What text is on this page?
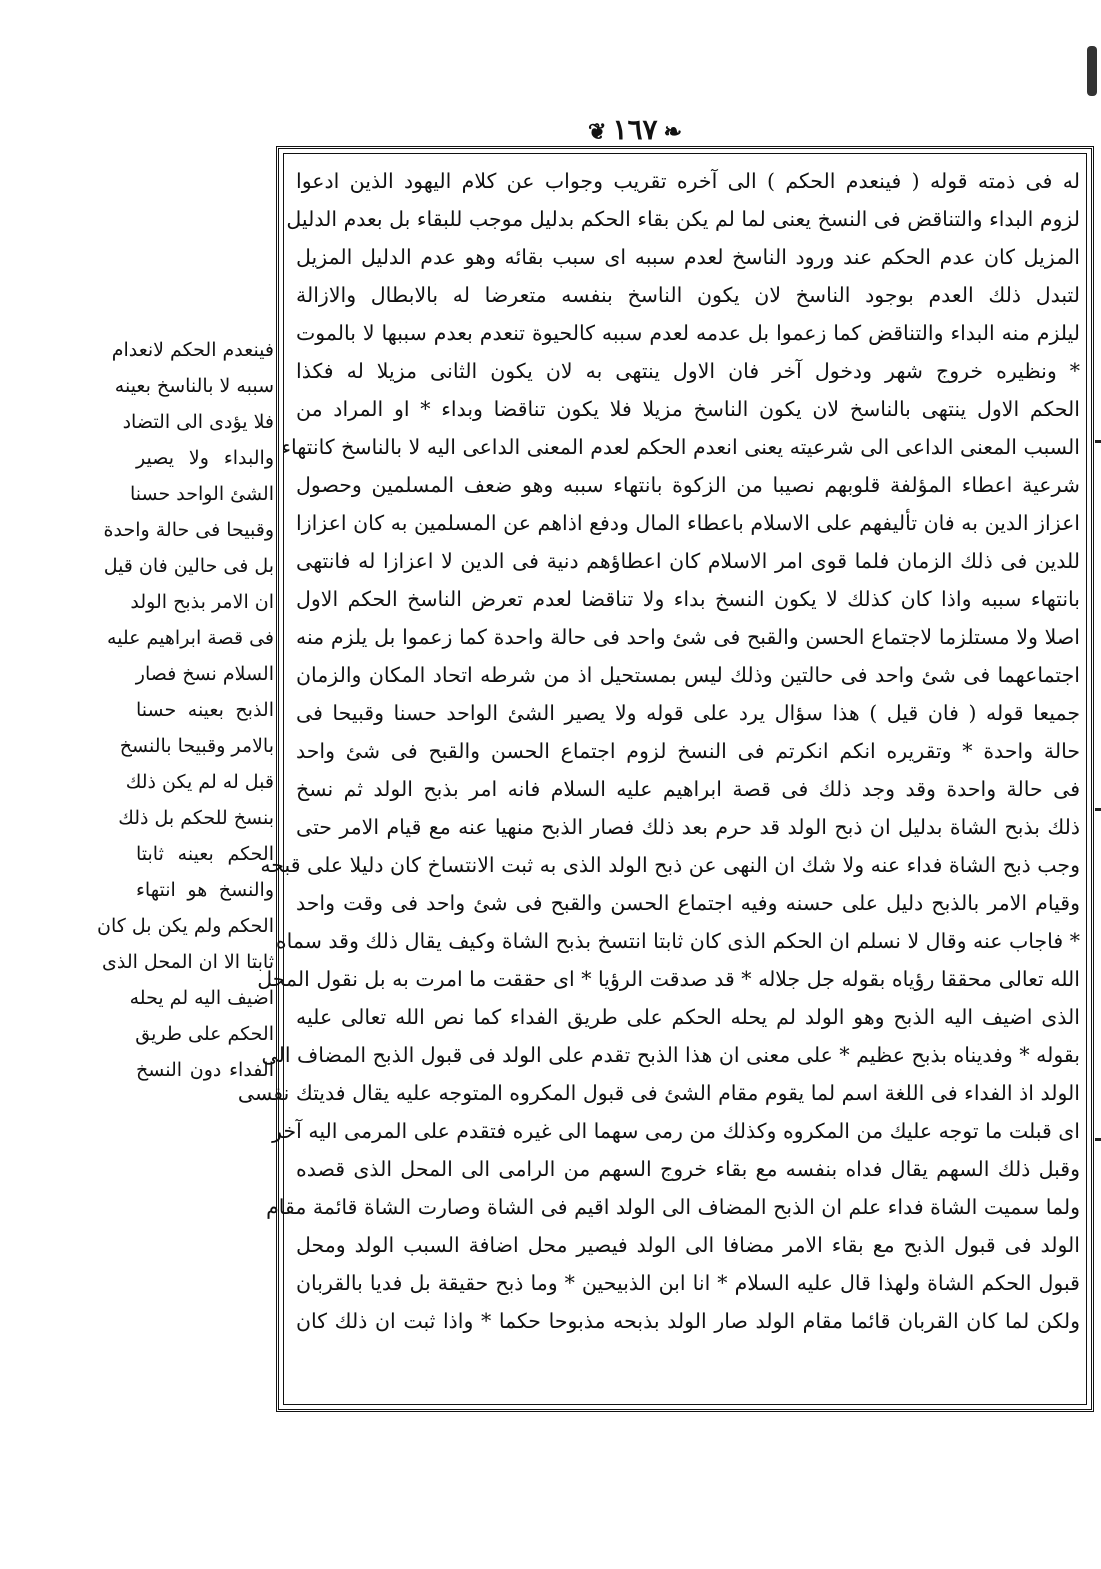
❦ ١٦٧ ❧
له فى ذمته قوله ( فينعدم الحكم ) الى آخره تقريب وجواب عن كلام اليهود الذين ادعوا
لزوم البداء والتناقض فى النسخ يعنى لما لم يكن بقاء الحكم بدليل موجب للبقاء بل بعدم الدليل
المزيل كان عدم الحكم عند ورود الناسخ لعدم سببه اى سبب بقائه وهو عدم الدليل المزيل
لتبدل ذلك العدم بوجود الناسخ لان يكون الناسخ بنفسه متعرضا له بالابطال والازالة
ليلزم منه البداء والتناقض كما زعموا بل عدمه لعدم سببه كالحيوة تنعدم بعدم سببها لا بالموت
* ونظيره خروج شهر ودخول آخر فان الاول ينتهى به لان يكون الثانى مزيلا له فكذا
الحكم الاول ينتهى بالناسخ لان يكون الناسخ مزيلا فلا يكون تناقضا وبداء * او المراد من
السبب المعنى الداعى الى شرعيته يعنى انعدم الحكم لعدم المعنى الداعى اليه لا بالناسخ كانتهاء
شرعية اعطاء المؤلفة قلوبهم نصيبا من الزكوة بانتهاء سببه وهو ضعف المسلمين وحصول
اعزاز الدين به فان تأليفهم على الاسلام باعطاء المال ودفع اذاهم عن المسلمين به كان اعزازا
للدين فى ذلك الزمان فلما قوى امر الاسلام كان اعطاؤهم دنية فى الدين لا اعزازا له فانتهى
بانتهاء سببه واذا كان كذلك لا يكون النسخ بداء ولا تناقضا لعدم تعرض الناسخ الحكم الاول
اصلا ولا مستلزما لاجتماع الحسن والقبح فى شئ واحد فى حالة واحدة كما زعموا بل يلزم منه
اجتماعهما فى شئ واحد فى حالتين وذلك ليس بمستحيل اذ من شرطه اتحاد المكان والزمان
جميعا قوله ( فان قيل ) هذا سؤال يرد على قوله ولا يصير الشئ الواحد حسنا وقبيحا فى
حالة واحدة * وتقريره انكم انكرتم فى النسخ لزوم اجتماع الحسن والقبح فى شئ واحد
فى حالة واحدة وقد وجد ذلك فى قصة ابراهيم عليه السلام فانه امر بذبح الولد ثم نسخ
ذلك بذبح الشاة بدليل ان ذبح الولد قد حرم بعد ذلك فصار الذبح منهيا عنه مع قيام الامر حتى
وجب ذبح الشاة فداء عنه ولا شك ان النهى عن ذبح الولد الذى به ثبت الانتساخ كان دليلا على قبحه
وقيام الامر بالذبح دليل على حسنه وفيه اجتماع الحسن والقبح فى شئ واحد فى وقت واحد
* فاجاب عنه وقال لا نسلم ان الحكم الذى كان ثابتا انتسخ بذبح الشاة وكيف يقال ذلك وقد سماه
الله تعالى محققا رؤياه بقوله جل جلاله * قد صدقت الرؤيا * اى حققت ما امرت به بل نقول المحل
الذى اضيف اليه الذبح وهو الولد لم يحله الحكم على طريق الفداء كما نص الله تعالى عليه
بقوله * وفديناه بذبح عظيم * على معنى ان هذا الذبح تقدم على الولد فى قبول الذبح المضاف الى
الولد اذ الفداء فى اللغة اسم لما يقوم مقام الشئ فى قبول المكروه المتوجه عليه يقال فديتك نفسى
اى قبلت ما توجه عليك من المكروه وكذلك من رمى سهما الى غيره فتقدم على المرمى اليه آخر
وقبل ذلك السهم يقال فداه بنفسه مع بقاء خروج السهم من الرامى الى المحل الذى قصده
ولما سميت الشاة فداء علم ان الذبح المضاف الى الولد اقيم فى الشاة وصارت الشاة قائمة مقام
الولد فى قبول الذبح مع بقاء الامر مضافا الى الولد فيصير محل اضافة السبب الولد ومحل
قبول الحكم الشاة ولهذا قال عليه السلام * انا ابن الذبيحين * وما ذبح حقيقة بل فديا بالقربان
ولكن لما كان القربان قائما مقام الولد صار الولد بذبحه مذبوحا حكما * واذا ثبت ان ذلك كان
فينعدم الحكم لانعدام
سببه لا بالناسخ بعينه
فلا يؤدى الى التضاد
والبداء ولا يصير
الشئ الواحد حسنا
وقبيحا فى حالة واحدة
بل فى حالين فان قيل
ان الامر بذبح الولد
فى قصة ابراهيم عليه
السلام نسخ فصار
الذبح بعينه حسنا
بالامر وقبيحا بالنسخ
قبل له لم يكن ذلك
بنسخ للحكم بل ذلك
الحكم بعينه ثابتا
والنسخ هو انتهاء
الحكم ولم يكن بل كان
ثابتا الا ان المحل الذى
اضيف اليه لم يحله
الحكم على طريق
الفداء دون النسخ
